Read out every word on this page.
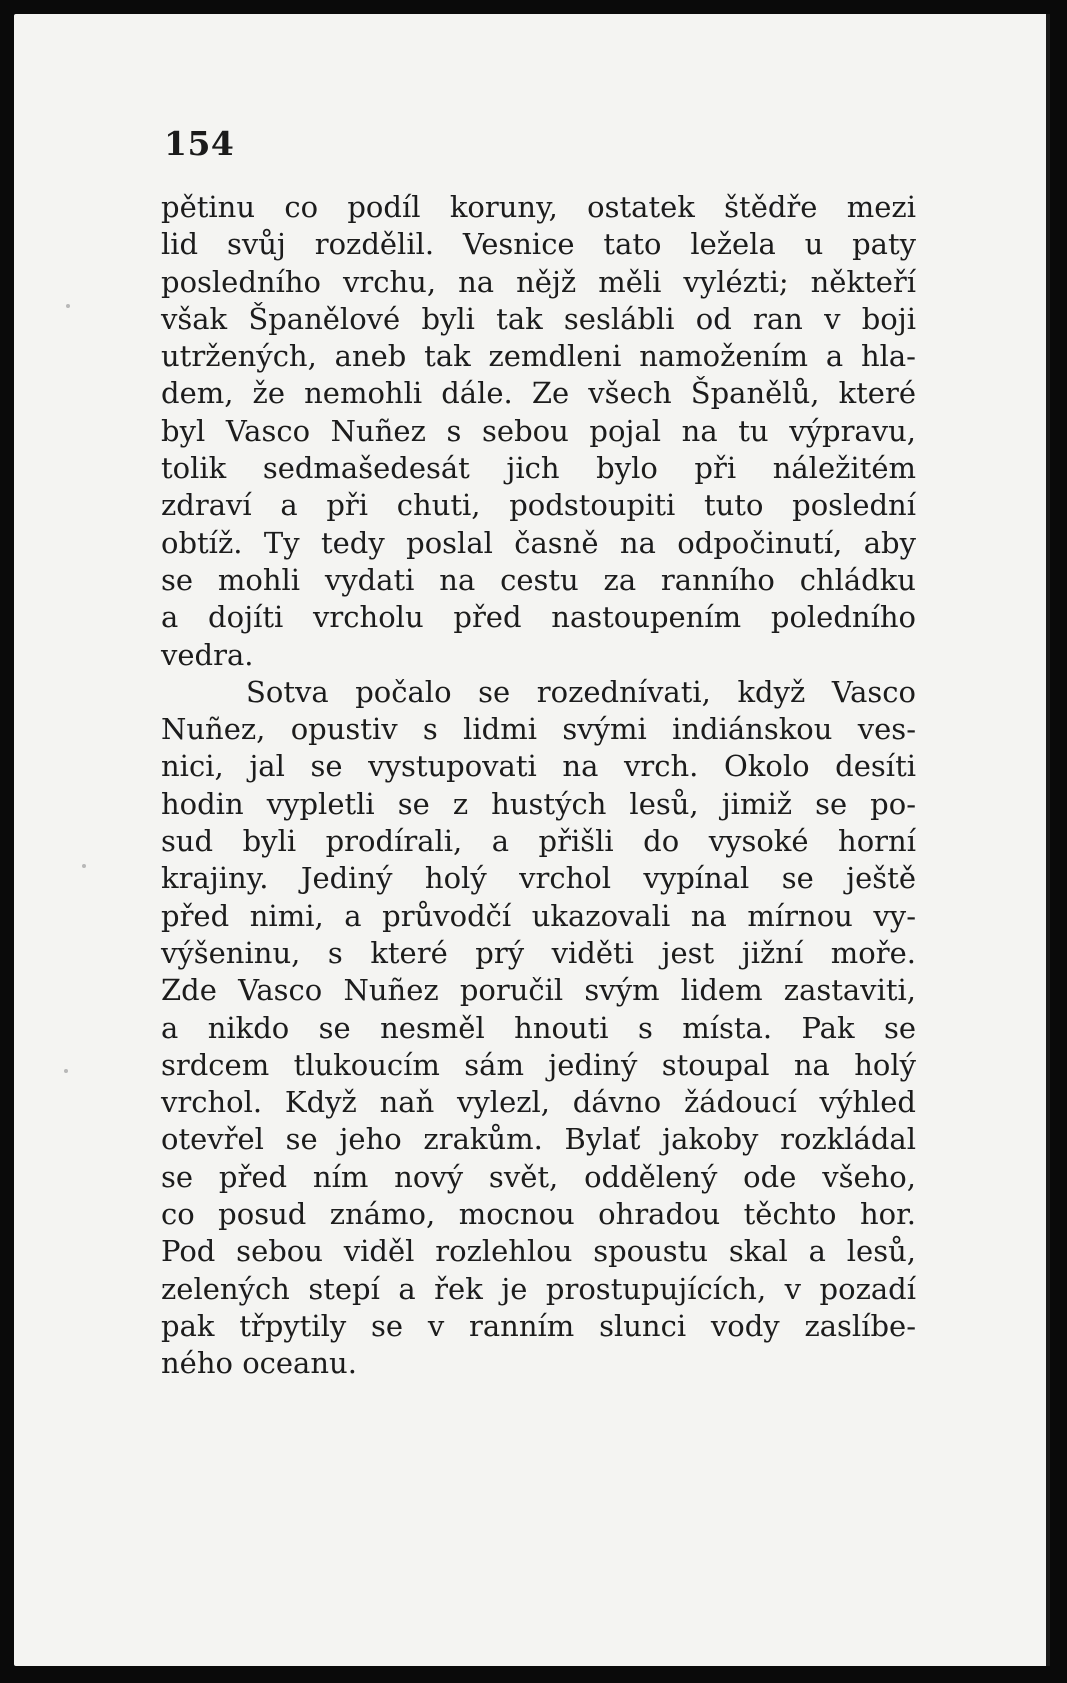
154
pětinu co podíl koruny, ostatek štědře mezi
lid svůj rozdělil. Vesnice tato ležela u paty
posledního vrchu, na nějž měli vylézti; někteří
však Španělové byli tak seslábli od ran v boji
utržených, aneb tak zemdleni namožením a hla-
dem, že nemohli dále. Ze všech Španělů, které
byl Vasco Nuñez s sebou pojal na tu výpravu,
tolik sedmašedesát jich bylo při náležitém
zdraví a při chuti, podstoupiti tuto poslední
obtíž. Ty tedy poslal časně na odpočinutí, aby
se mohli vydati na cestu za ranního chládku
a dojíti vrcholu před nastoupením poledního
vedra.
Sotva počalo se rozednívati, když Vasco
Nuñez, opustiv s lidmi svými indiánskou ves-
nici, jal se vystupovati na vrch. Okolo desíti
hodin vypletli se z hustých lesů, jimiž se po-
sud byli prodírali, a přišli do vysoké horní
krajiny. Jediný holý vrchol vypínal se ještě
před nimi, a průvodčí ukazovali na mírnou vy-
výšeninu, s které prý viděti jest jižní moře.
Zde Vasco Nuñez poručil svým lidem zastaviti,
a nikdo se nesměl hnouti s místa. Pak se
srdcem tlukoucím sám jediný stoupal na holý
vrchol. Když naň vylezl, dávno žádoucí výhled
otevřel se jeho zrakům. Bylať jakoby rozkládal
se před ním nový svět, oddělený ode všeho,
co posud známo, mocnou ohradou těchto hor.
Pod sebou viděl rozlehlou spoustu skal a lesů,
zelených stepí a řek je prostupujících, v pozadí
pak třpytily se v ranním slunci vody zaslíbe-
ného oceanu.
